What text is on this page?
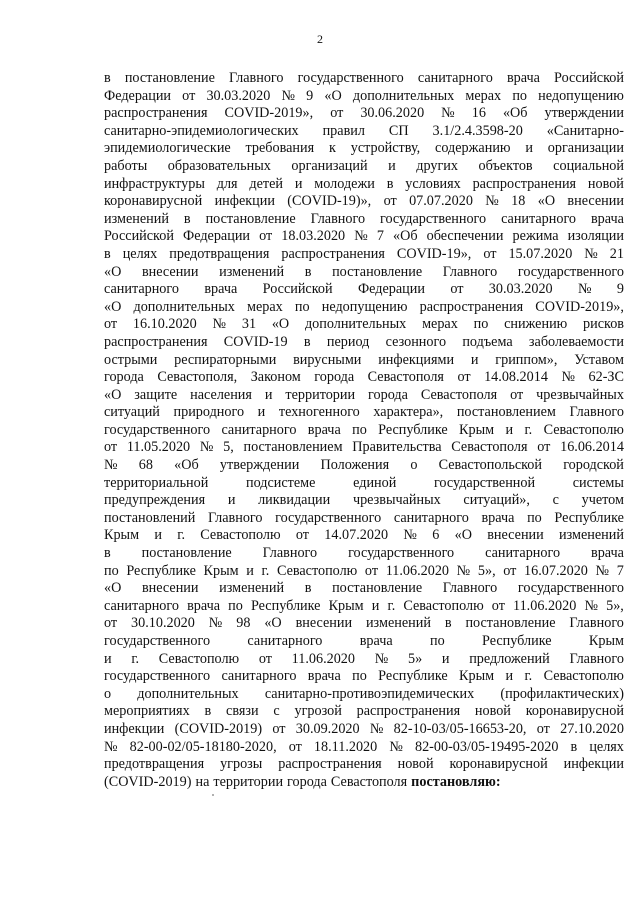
2
в постановление Главного государственного санитарного врача Российской
Федерации от 30.03.2020 № 9 «О дополнительных мерах по недопущению
распространения COVID-2019», от 30.06.2020 № 16 «Об утверждении
санитарно-эпидемиологических правил СП 3.1/2.4.3598-20 «Санитарно-
эпидемиологические требования к устройству, содержанию и организации
работы образовательных организаций и других объектов социальной
инфраструктуры для детей и молодежи в условиях распространения новой
коронавирусной инфекции (COVID-19)», от 07.07.2020 № 18 «О внесении
изменений в постановление Главного государственного санитарного врача
Российской Федерации от 18.03.2020 № 7 «Об обеспечении режима изоляции
в целях предотвращения распространения COVID-19», от 15.07.2020 № 21
«О внесении изменений в постановление Главного государственного
санитарного врача Российской Федерации от 30.03.2020 № 9
«О дополнительных мерах по недопущению распространения COVID-2019»,
от 16.10.2020 № 31 «О дополнительных мерах по снижению рисков
распространения COVID-19 в период сезонного подъема заболеваемости
острыми респираторными вирусными инфекциями и гриппом», Уставом
города Севастополя, Законом города Севастополя от 14.08.2014 № 62-ЗС
«О защите населения и территории города Севастополя от чрезвычайных
ситуаций природного и техногенного характера», постановлением Главного
государственного санитарного врача по Республике Крым и г. Севастополю
от 11.05.2020 № 5, постановлением Правительства Севастополя от 16.06.2014
№ 68 «Об утверждении Положения о Севастопольской городской
территориальной	подсистеме	единой	государственной	системы
предупреждения и ликвидации чрезвычайных ситуаций», с учетом
постановлений Главного государственного санитарного врача по Республике
Крым и г. Севастополю от 14.07.2020 № 6 «О внесении изменений
в постановление Главного государственного санитарного врача
по Республике Крым и г. Севастополю от 11.06.2020 № 5», от 16.07.2020 № 7
«О внесении изменений в постановление Главного государственного
санитарного врача по Республике Крым и г. Севастополю от 11.06.2020 № 5»,
от 30.10.2020 № 98 «О внесении изменений в постановление Главного
государственного	санитарного	врача	по	Республике	Крым
и г. Севастополю от 11.06.2020 № 5» и предложений Главного
государственного санитарного врача по Республике Крым и г. Севастополю
о дополнительных санитарно-противоэпидемических (профилактических)
мероприятиях в связи с угрозой распространения новой коронавирусной
инфекции (COVID-2019) от 30.09.2020 № 82-10-03/05-16653-20, от 27.10.2020
№ 82-00-02/05-18180-2020, от 18.11.2020 № 82-00-03/05-19495-2020 в целях
предотвращения угрозы распространения новой коронавирусной инфекции
(COVID-2019) на территории города Севастополя постановляю:
